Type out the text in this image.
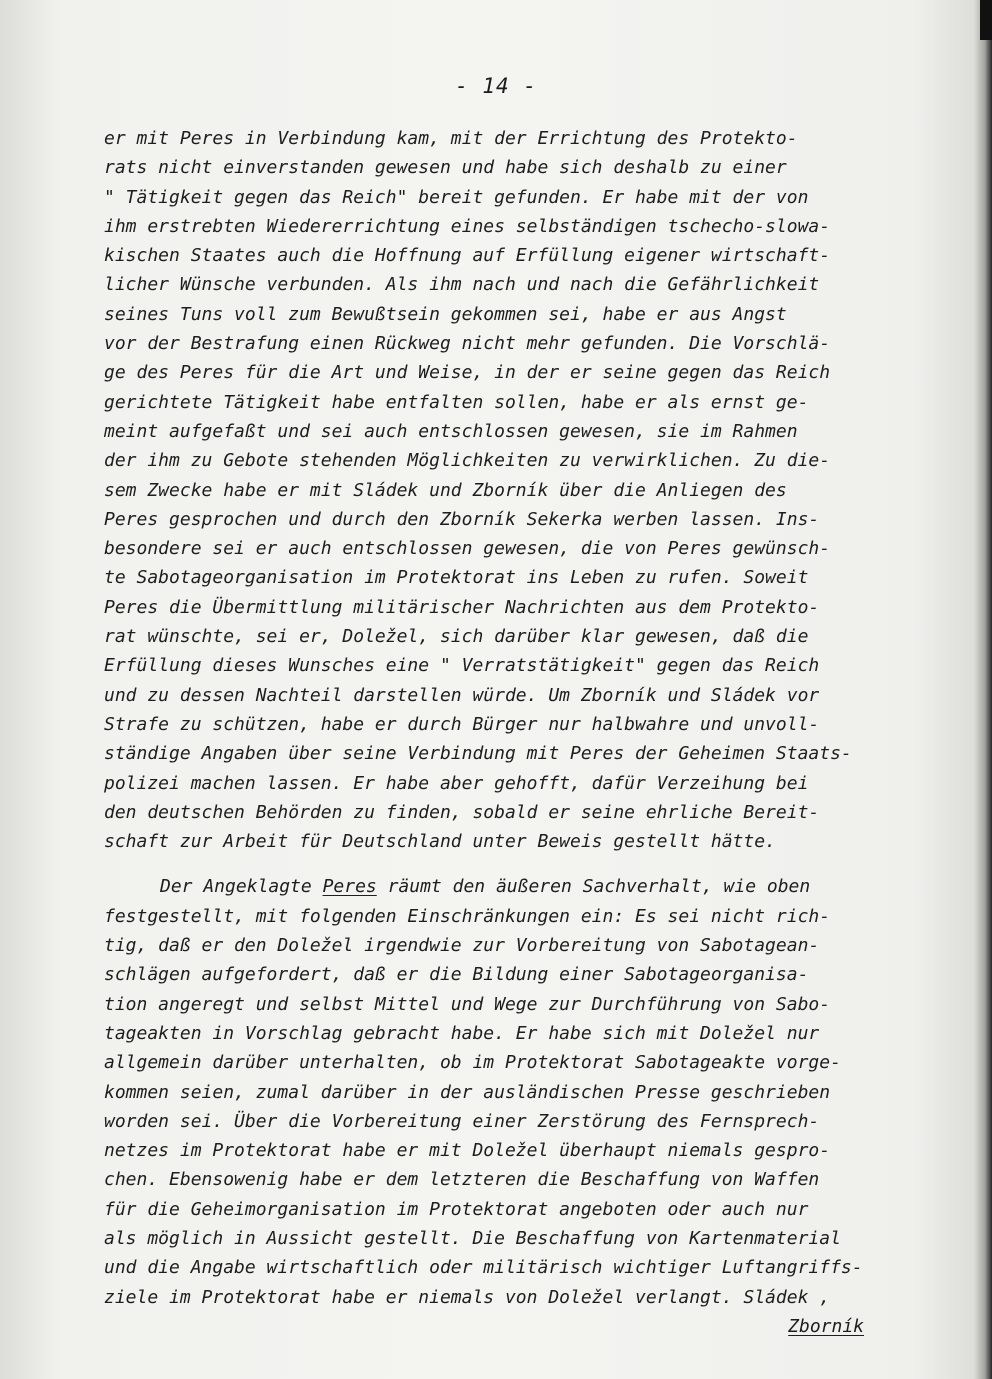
- 14 -
er mit Peres in Verbindung kam, mit der Errichtung des Protekto-
rats nicht einverstanden gewesen und habe sich deshalb zu einer
" Tätigkeit gegen das Reich" bereit gefunden. Er habe mit der von
ihm erstrebten Wiedererrichtung eines selbständigen tschecho-slowa-
kischen Staates auch die Hoffnung auf Erfüllung eigener wirtschaft-
licher Wünsche verbunden. Als ihm nach und nach die Gefährlichkeit
seines Tuns voll zum Bewußtsein gekommen sei, habe er aus Angst
vor der Bestrafung einen Rückweg nicht mehr gefunden. Die Vorschlä-
ge des Peres für die Art und Weise, in der er seine gegen das Reich
gerichtete Tätigkeit habe entfalten sollen, habe er als ernst ge-
meint aufgefaßt und sei auch entschlossen gewesen, sie im Rahmen
der ihm zu Gebote stehenden Möglichkeiten zu verwirklichen. Zu die-
sem Zwecke habe er mit Sládek und Zborník über die Anliegen des
Peres gesprochen und durch den Zborník Sekerka werben lassen. Ins-
besondere sei er auch entschlossen gewesen, die von Peres gewünsch-
te Sabotageorganisation im Protektorat ins Leben zu rufen. Soweit
Peres die Übermittlung militärischer Nachrichten aus dem Protekto-
rat wünschte, sei er, Doležel, sich darüber klar gewesen, daß die
Erfüllung dieses Wunsches eine " Verratstätigkeit" gegen das Reich
und zu dessen Nachteil darstellen würde. Um Zborník und Sládek vor
Strafe zu schützen, habe er durch Bürger nur halbwahre und unvoll-
ständige Angaben über seine Verbindung mit Peres der Geheimen Staats-
polizei machen lassen. Er habe aber gehofft, dafür Verzeihung bei
den deutschen Behörden zu finden, sobald er seine ehrliche Bereit-
schaft zur Arbeit für Deutschland unter Beweis gestellt hätte.
Der Angeklagte Peres räumt den äußeren Sachverhalt, wie oben
festgestellt, mit folgenden Einschränkungen ein: Es sei nicht rich-
tig, daß er den Doležel irgendwie zur Vorbereitung von Sabotagean-
schlägen aufgefordert, daß er die Bildung einer Sabotageorganisa-
tion angeregt und selbst Mittel und Wege zur Durchführung von Sabo-
tageakten in Vorschlag gebracht habe. Er habe sich mit Doležel nur
allgemein darüber unterhalten, ob im Protektorat Sabotageakte vorge-
kommen seien, zumal darüber in der ausländischen Presse geschrieben
worden sei. Über die Vorbereitung einer Zerstörung des Fernsprech-
netzes im Protektorat habe er mit Doležel überhaupt niemals gespro-
chen. Ebensowenig habe er dem letzteren die Beschaffung von Waffen
für die Geheimorganisation im Protektorat angeboten oder auch nur
als möglich in Aussicht gestellt. Die Beschaffung von Kartenmaterial
und die Angabe wirtschaftlich oder militärisch wichtiger Luftangriffs-
ziele im Protektorat habe er niemals von Doležel verlangt. Sládek ,
Zborník
